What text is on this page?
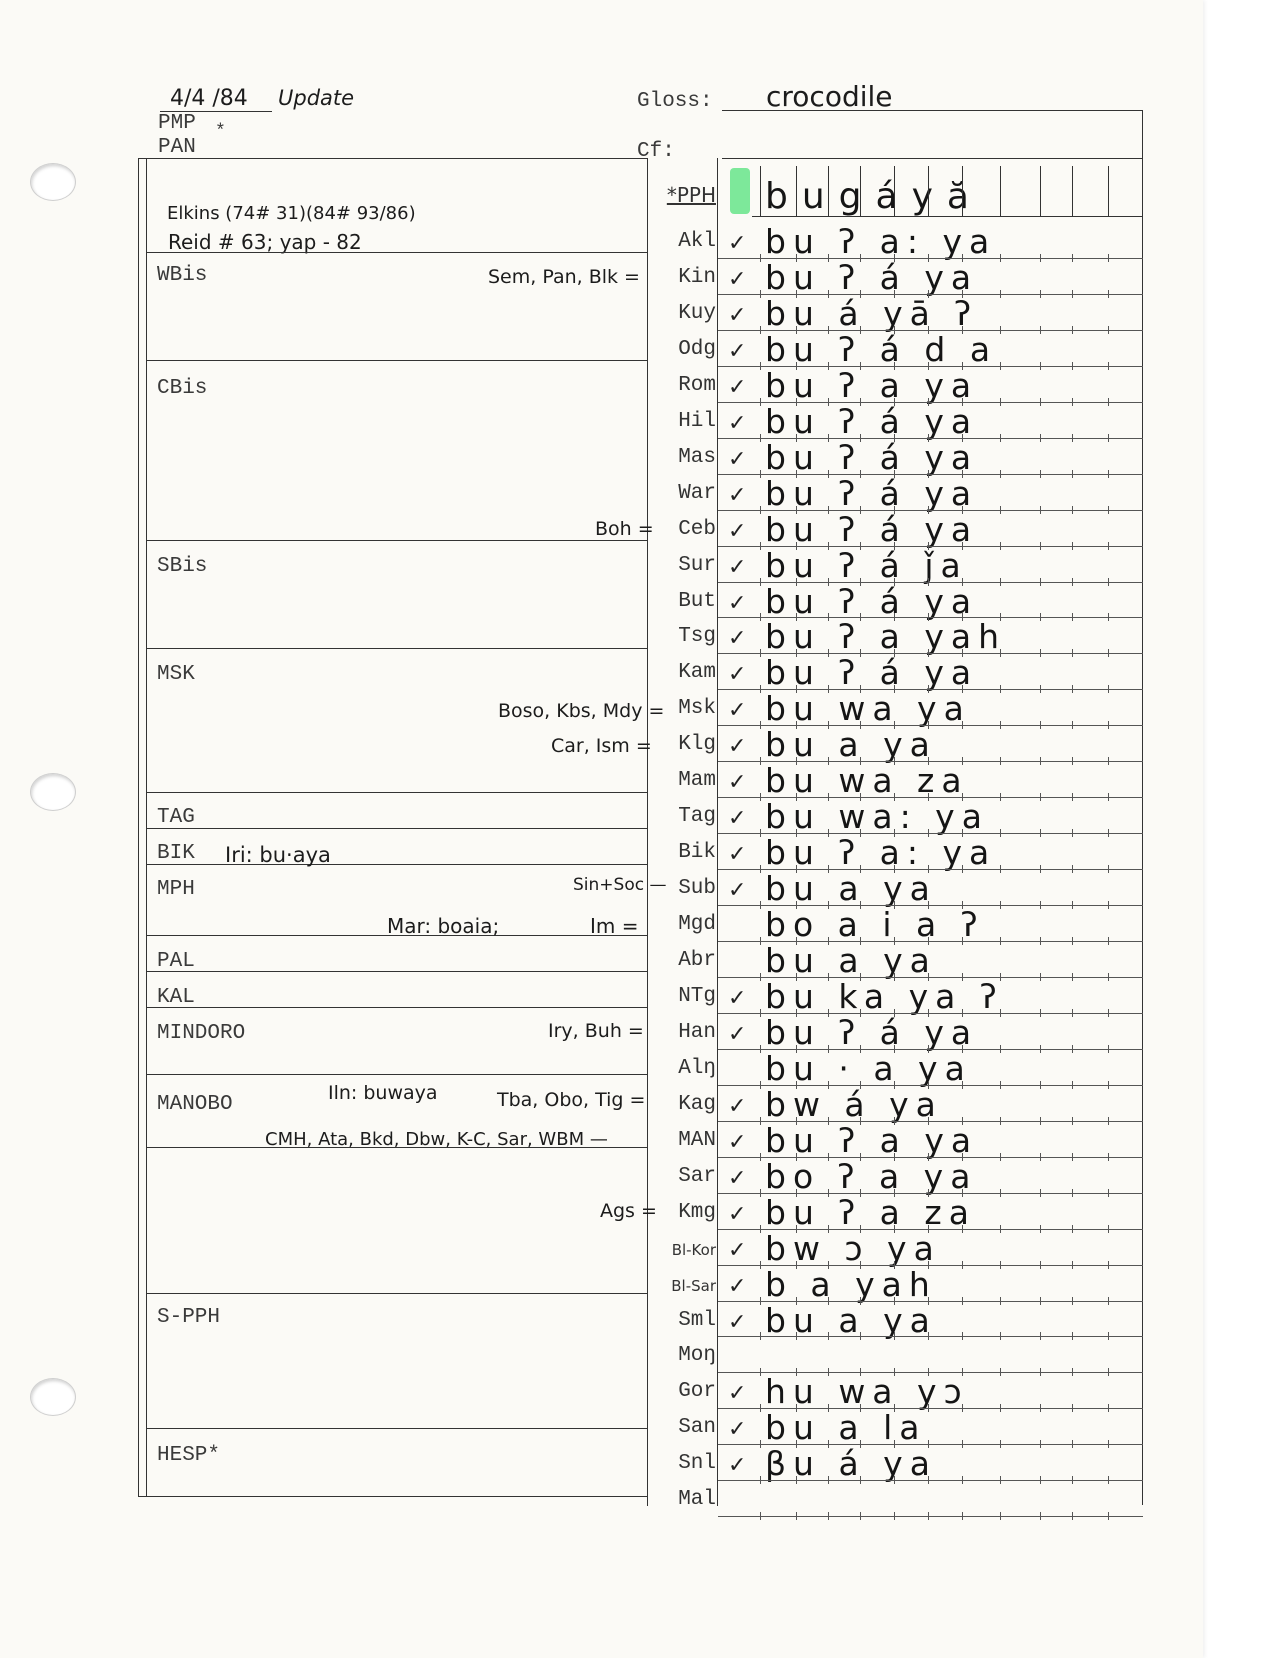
4/4 /84 Update
PMP *
PAN
Gloss: crocodile
Cf:
Elkins (74# 31)(84# 93/86)
Reid # 63; yap - 82
WBis
CBis
SBis
MSK
TAG
BIK
MPH
PAL
KAL
MINDORO
MANOBO
S-PPH
HESP*
Sem, Pan, Blk =
Boh =
Boso, Kbs, Mdy =
Car, Ism =
Iri: bu·aya
Sin+Soc —
Mar: boaia;	Im =
Iry, Buh =
Iln: buwaya	Tba, Obo, Tig =
CMH, Ata, Bkd, Dbw, K-C, Sar, WBM —
Ags =
*PPH bugáyă
Akl ✓ bu ʔ a: ya
Kin ✓ bu ʔ á ya
Kuy ✓ bu á yā ʔ
Odg ✓ bu ʔ á d a
Rom ✓ bu ʔ a ya
Hil ✓ bu ʔ á ya
Mas ✓ bu ʔ á ya
War ✓ bu ʔ á ya
Ceb ✓ bu ʔ á ya
Sur ✓ bu ʔ á ǰa
But ✓ bu ʔ á ya
Tsg ✓ bu ʔ a yah
Kam ✓ bu ʔ á ya
Msk ✓ bu wa ya
Klg ✓ bu a ya
Mam ✓ bu wa za
Tag ✓ bu wa: ya
Bik ✓ bu ʔ a: ya
Sub ✓ bu a ya
Mgd bo a i a ʔ
Abr bu a ya
NTg ✓ bu ka ya ʔ
Han ✓ bu ʔ á ya
Alŋ bu · a ya
Kag ✓ bw á ya
MAN ✓ bu ʔ a ya
Sar ✓ bo ʔ a ya
Kmg ✓ bu ʔ a za
Bl-Kor ✓ bw ɔ ya
Bl-Sar ✓ b a yah
Sml ✓ bu a ya
Moŋ
Gor ✓ hu wa yɔ
San ✓ bu a la
Snl ✓ βu á ya
Mal
